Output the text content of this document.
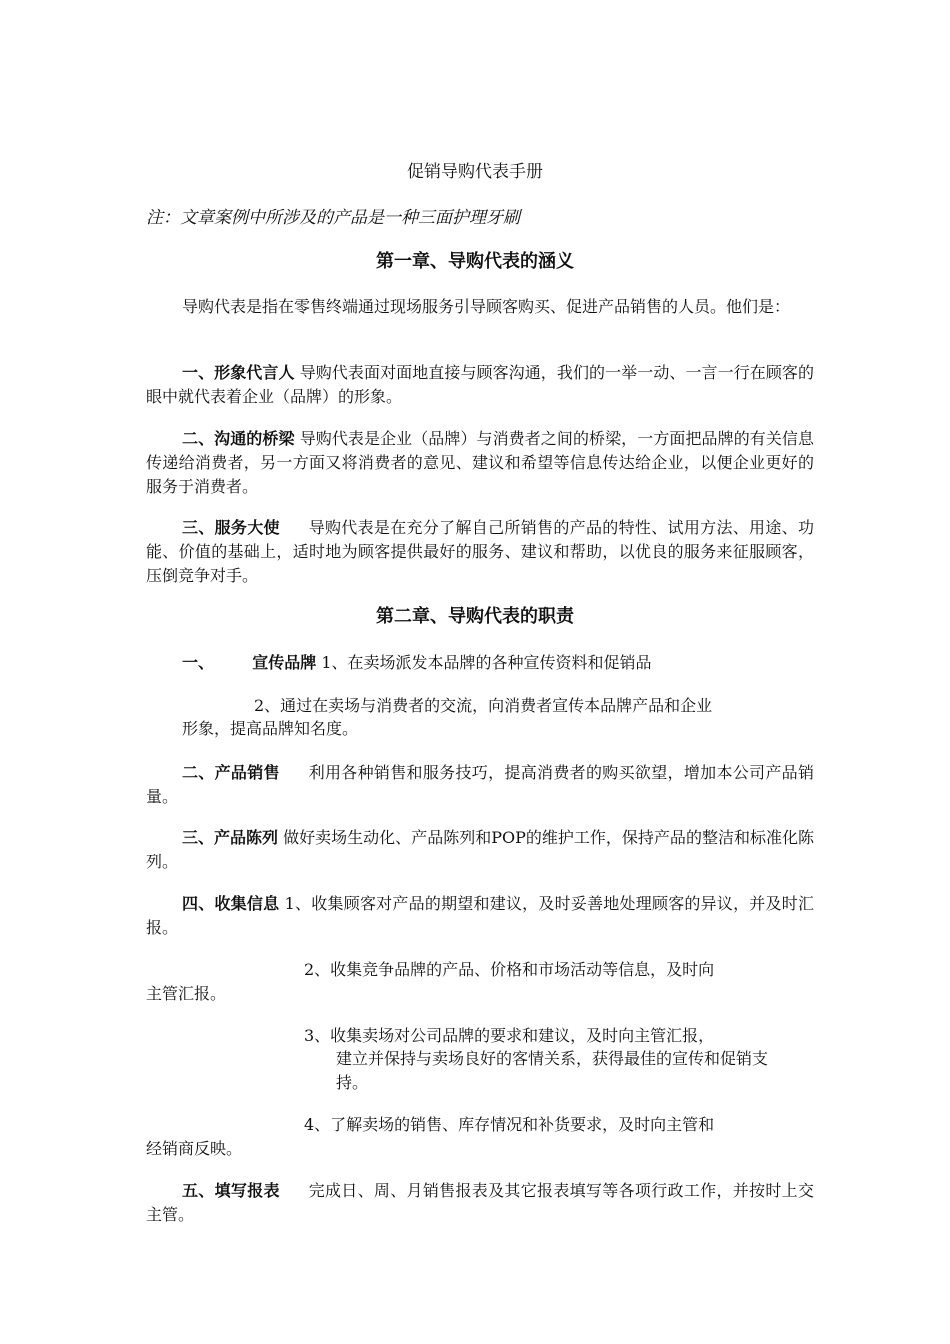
促销导购代表手册
注：文章案例中所涉及的产品是一种三面护理牙刷
第一章、导购代表的涵义
导购代表是指在零售终端通过现场服务引导顾客购买、促进产品销售的人员。他们是：
一、形象代言人 导购代表面对面地直接与顾客沟通，我们的一举一动、一言一行在顾客的眼中就代表着企业（品牌）的形象。
二、沟通的桥梁 导购代表是企业（品牌）与消费者之间的桥梁，一方面把品牌的有关信息传递给消费者，另一方面又将消费者的意见、建议和希望等信息传达给企业，以便企业更好的服务于消费者。
三、服务大使 导购代表是在充分了解自己所销售的产品的特性、试用方法、用途、功能、价值的基础上，适时地为顾客提供最好的服务、建议和帮助，以优良的服务来征服顾客，压倒竞争对手。
第二章、导购代表的职责
一、 宣传品牌 1、在卖场派发本品牌的各种宣传资料和促销品
2、通过在卖场与消费者的交流，向消费者宣传本品牌产品和企业
形象，提高品牌知名度。
二、产品销售 利用各种销售和服务技巧，提高消费者的购买欲望，增加本公司产品销量。
三、产品陈列 做好卖场生动化、产品陈列和POP的维护工作，保持产品的整洁和标准化陈列。
四、收集信息 1、收集顾客对产品的期望和建议，及时妥善地处理顾客的异议，并及时汇报。
2、收集竞争品牌的产品、价格和市场活动等信息，及时向
主管汇报。
3、收集卖场对公司品牌的要求和建议，及时向主管汇报，
建立并保持与卖场良好的客情关系，获得最佳的宣传和促销支持。
4、了解卖场的销售、库存情况和补货要求，及时向主管和
经销商反映。
五、填写报表 完成日、周、月销售报表及其它报表填写等各项行政工作，并按时上交主管。
